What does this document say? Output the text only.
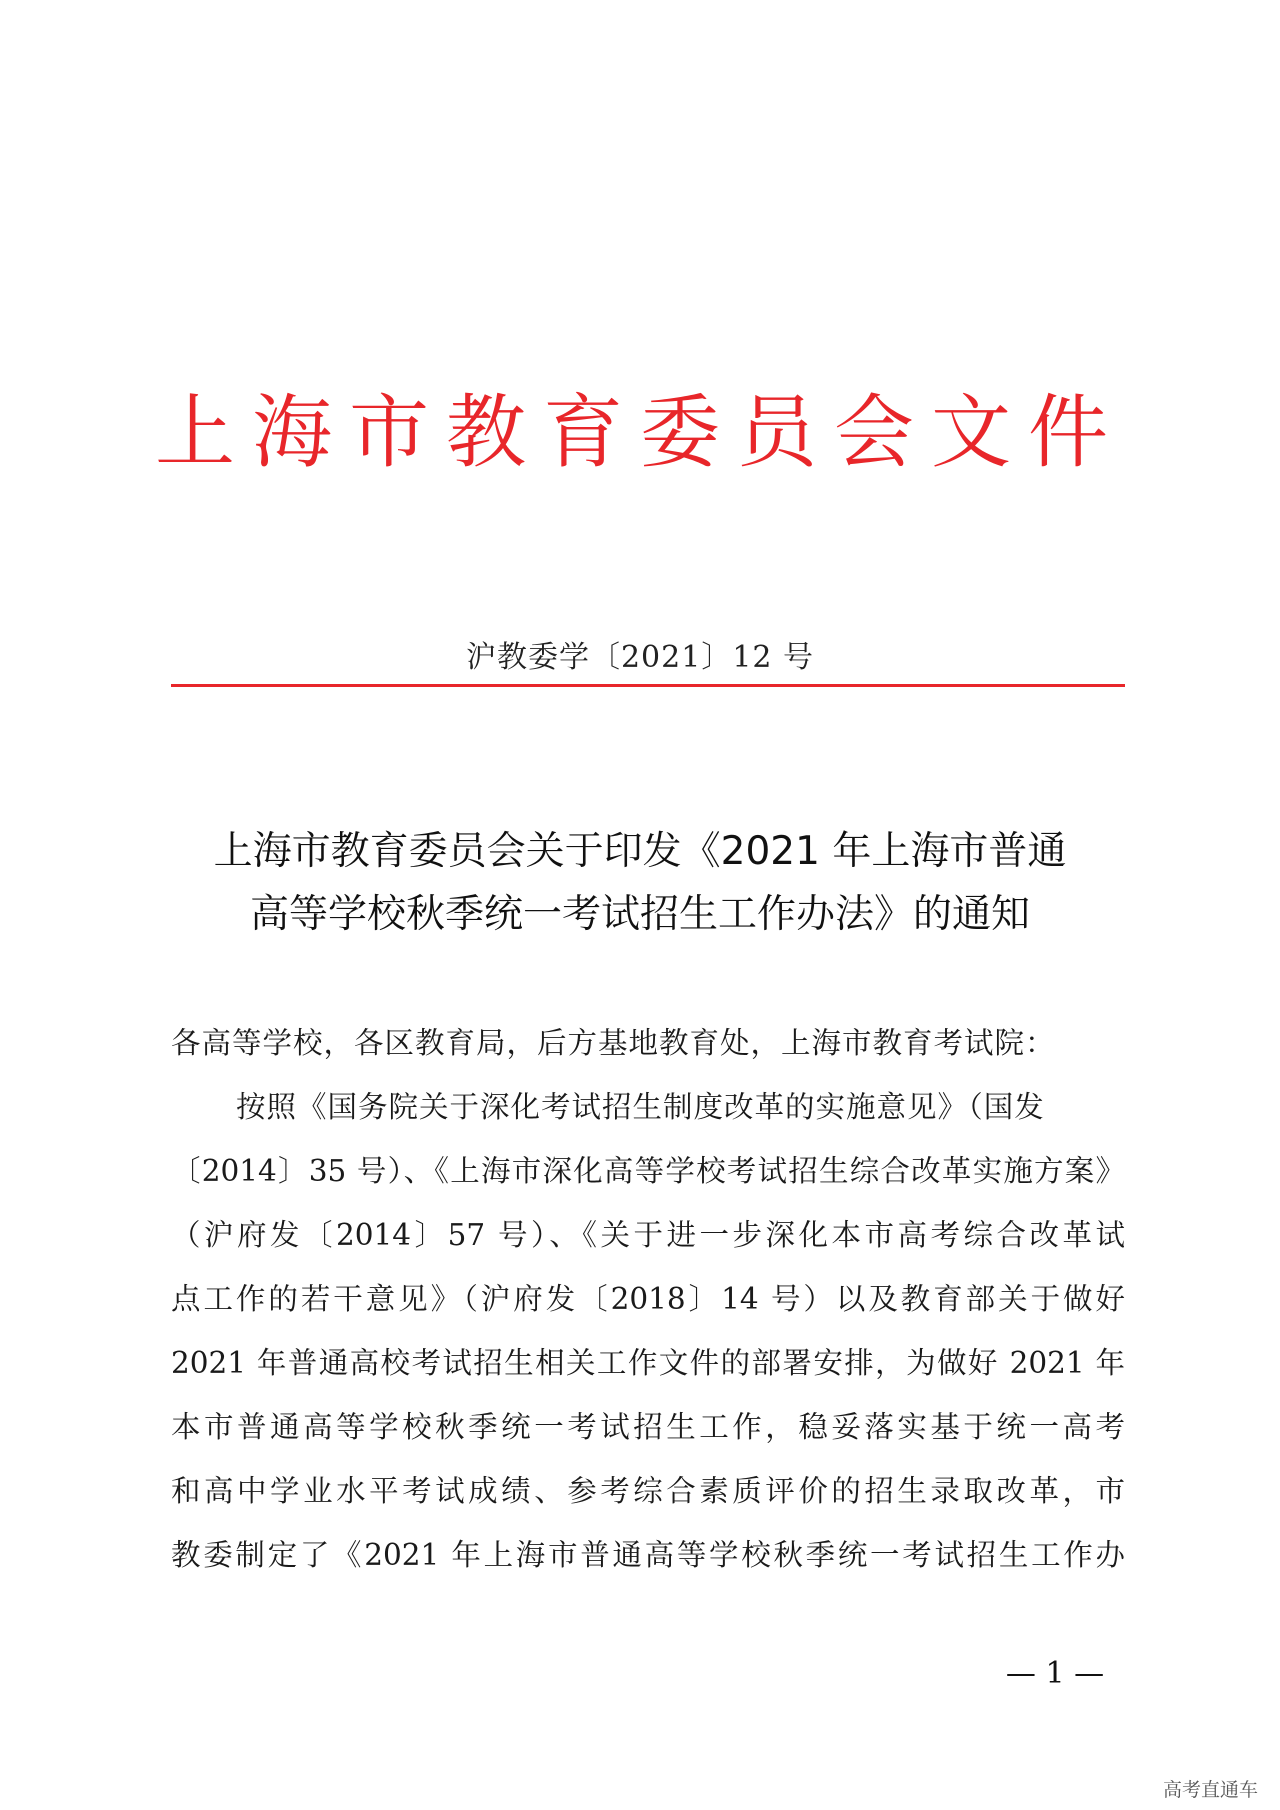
上海市教育委员会文件
沪教委学〔2021〕12 号
上海市教育委员会关于印发《2021 年上海市普通
高等学校秋季统一考试招生工作办法》的通知
各高等学校，各区教育局，后方基地教育处，上海市教育考试院：
按照《国务院关于深化考试招生制度改革的实施意见》（国发
〔2014〕35 号）、《上海市深化高等学校考试招生综合改革实施方案》
（沪府发〔2014〕57 号）、《关于进一步深化本市高考综合改革试
点工作的若干意见》（沪府发〔2018〕14 号）以及教育部关于做好
2021 年普通高校考试招生相关工作文件的部署安排，为做好 2021 年
本市普通高等学校秋季统一考试招生工作，稳妥落实基于统一高考
和高中学业水平考试成绩、参考综合素质评价的招生录取改革，市
教委制定了《2021 年上海市普通高等学校秋季统一考试招生工作办
— 1 —
高考直通车
